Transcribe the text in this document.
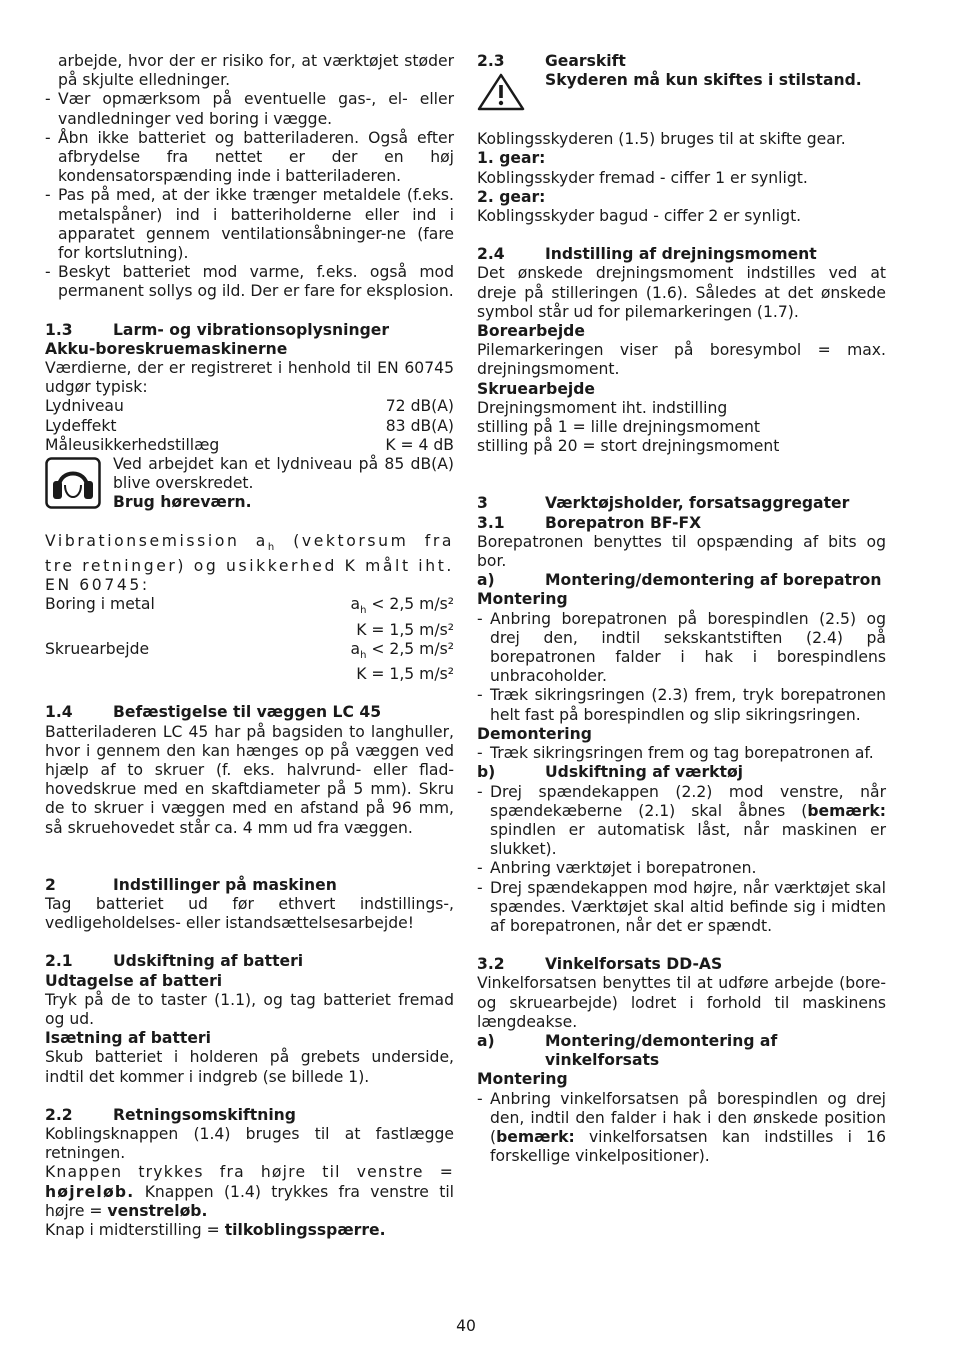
arbejde, hvor der er risiko for, at værktøjet støder på skjulte elledninger.

- Vær opmærksom på eventuelle gas-, el- eller vandledninger ved boring i vægge.
- Åbn ikke batteriet og batteriladeren. Også efter afbrydelse fra nettet er der en høj kondensatorspænding inde i batteriladeren.
- Pas på med, at der ikke trænger metaldele (f.eks. metalspåner) ind i batteriholderne eller ind i apparatet gennem ventilationsåbninger-ne (fare for kortslutning).
- Beskyt batteriet mod varme, f.eks. også mod permanent sollys og ild. Der er fare for eksplosion.
1.3	Larm- og vibrationsoplysninger
Akku-boreskruemaskinerne

Værdierne, der er registreret i henhold til EN 60745 udgør typisk:

Lydniveau	72 dB(A)
Lydeffekt	83 dB(A)
Måleusikkerhedstillæg	K = 4 dB

Ved arbejdet kan et lydniveau på 85 dB(A) blive overskredet.

Brug høreværn.

Vibrationsemission $a_h$ (vektorsum fra tre retninger) og usikkerhed K målt iht. EN 60745:

Boring i metal	$a_h < 2,5$ m/s²
K = 1,5 m/s²
Skruearbejde	$a_h < 2,5$ m/s²
K = 1,5 m/s²
1.4	Befæstigelse til væggen LC 45

Batteriladeren LC 45 har på bagsiden to langhuller, hvor i gennem den kan hænges op på væggen ved hjælp af to skruer (f. eks. halvrund- eller flad-hovedskrue med en skaftdiameter på 5 mm). Skru de to skruer i væggen med en afstand på 96 mm, så skruehovedet står ca. 4 mm ud fra væggen.

2	Indstillinger på maskinen

Tag batteriet ud før ethvert indstillings-, vedligeholdelses- eller istandsættelsesarbejde!

2.1	Udskiftning af batteri
Udtagelse af batteri

Tryk på de to taster (1.1), og tag batteriet fremad og ud.

Isætning af batteri

Skub batteriet i holderen på grebets underside, indtil det kommer i indgreb (se billede 1).

2.2	Retningsomskiftning

Koblingsknappen (1.4) bruges til at fastlægge retningen.

Knappen trykkes fra højre til venstre = højreløb. Knappen (1.4) trykkes fra venstre til højre = venstreløb.

Knap i midterstilling = tilkoblingsspærre.

2.3	Gearskift
Skyderen må kun skiftes i stilstand.

Koblingsskyderen (1.5) bruges til at skifte gear.

1. gear:

Koblingsskyder fremad - ciffer 1 er synligt.

2. gear:

Koblingsskyder bagud - ciffer 2 er synligt.

2.4	Indstilling af drejningsmoment

Det ønskede drejningsmoment indstilles ved at dreje på stilleringen (1.6). Således at det ønskede symbol står ud for pilemarkeringen (1.7).

Borearbejde

Pilemarkeringen viser på boresymbol = max. drejningsmoment.

Skruearbejde
Drejningsmoment iht. indstilling
stilling på 1 = lille drejningsmoment
stilling på 20 = stort drejningsmoment
3	Værktøjsholder, forsatsaggregater
3.1	Borepatron BF-FX

Borepatronen benyttes til opspænding af bits og bor.

a)	Montering/demontering af borepatron
Montering
- Anbring borepatronen på borespindlen (2.5) og drej den, indtil sekskantstiften (2.4) på borepatronen falder i hak i borespindlens unbracoholder.
- Træk sikringsringen (2.3) frem, tryk borepatronen helt fast på borespindlen og slip sikringsringen.
Demontering
- Træk sikringsringen frem og tag borepatronen af.
b)	Udskiftning af værktøj
- Drej spændekappen (2.2) mod venstre, når spændekæberne (2.1) skal åbnes (bemærk: spindlen er automatisk låst, når maskinen er slukket).
- Anbring værktøjet i borepatronen.
- Drej spændekappen mod højre, når værktøjet skal spændes. Værktøjet skal altid befinde sig i midten af borepatronen, når det er spændt.
3.2	Vinkelforsats DD-AS

Vinkelforsatsen benyttes til at udføre arbejde (bore- og skruearbejde) lodret i forhold til maskinens længdeakse.

a)	Montering/demontering af vinkelforsats
Montering
- Anbring vinkelforsatsen på borespindlen og drej den, indtil den falder i hak i den ønskede position (bemærk: vinkelforsatsen kan indstilles i 16 forskellige vinkelpositioner).
40
